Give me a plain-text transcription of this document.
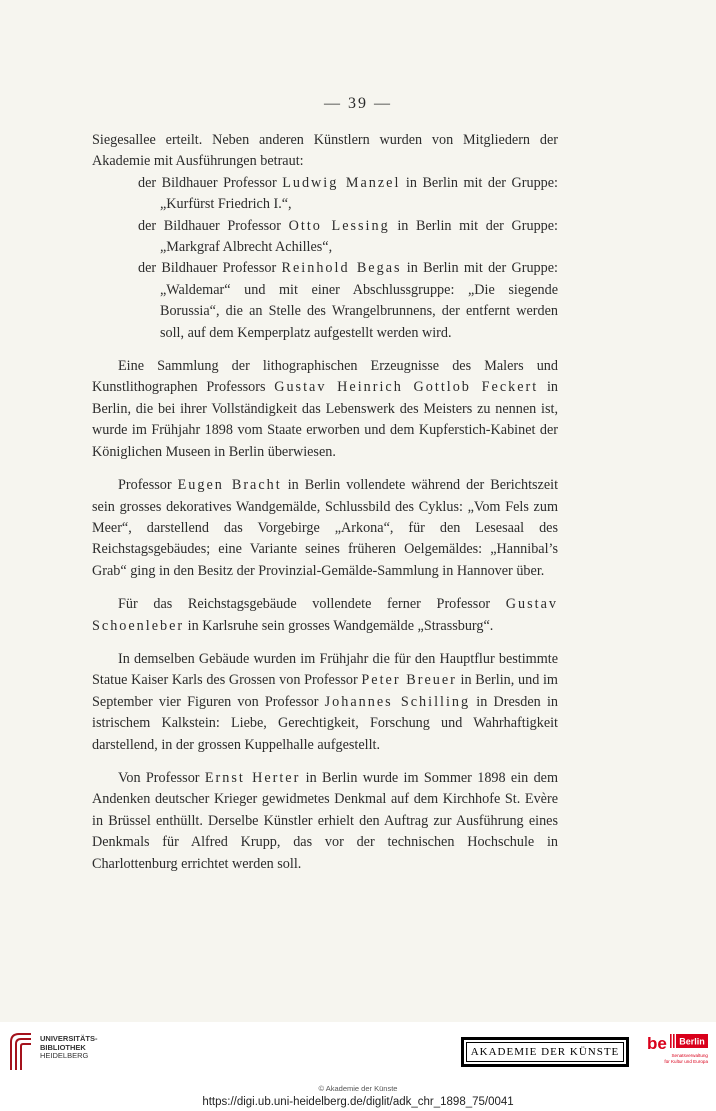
— 39 —

Siegesallee erteilt. Neben anderen Künstlern wurden von Mitgliedern der Akademie mit Ausführungen betraut:

der Bildhauer Professor Ludwig Manzel in Berlin mit der Gruppe: „Kurfürst Friedrich I.“,

der Bildhauer Professor Otto Lessing in Berlin mit der Gruppe: „Markgraf Albrecht Achilles“,

der Bildhauer Professor Reinhold Begas in Berlin mit der Gruppe: „Waldemar“ und mit einer Abschlussgruppe: „Die siegende Borussia“, die an Stelle des Wrangelbrunnens, der entfernt werden soll, auf dem Kemperplatz aufgestellt werden wird.

Eine Sammlung der lithographischen Erzeugnisse des Malers und Kunstlithographen Professors Gustav Heinrich Gottlob Feckert in Berlin, die bei ihrer Vollständigkeit das Lebenswerk des Meisters zu nennen ist, wurde im Frühjahr 1898 vom Staate erworben und dem Kupferstich-Kabinet der Königlichen Museen in Berlin überwiesen.

Professor Eugen Bracht in Berlin vollendete während der Berichtszeit sein grosses dekoratives Wandgemälde, Schlussbild des Cyklus: „Vom Fels zum Meer“, darstellend das Vorgebirge „Arkona“, für den Lesesaal des Reichstagsgebäudes; eine Variante seines früheren Oelgemäldes: „Hannibal’s Grab“ ging in den Besitz der Provinzial-Gemälde-Sammlung in Hannover über.

Für das Reichstagsgebäude vollendete ferner Professor Gustav Schoenleber in Karlsruhe sein grosses Wandgemälde „Strassburg“.

In demselben Gebäude wurden im Frühjahr die für den Hauptflur bestimmte Statue Kaiser Karls des Grossen von Professor Peter Breuer in Berlin, und im September vier Figuren von Professor Johannes Schilling in Dresden in istrischem Kalkstein: Liebe, Gerechtigkeit, Forschung und Wahrhaftigkeit darstellend, in der grossen Kuppelhalle aufgestellt.

Von Professor Ernst Herter in Berlin wurde im Sommer 1898 ein dem Andenken deutscher Krieger gewidmetes Denkmal auf dem Kirchhofe St. Evère in Brüssel enthüllt. Derselbe Künstler erhielt den Auftrag zur Ausführung eines Denkmals für Alfred Krupp, das vor der technischen Hochschule in Charlottenburg errichtet werden soll.

UNIVERSITÄTS-
BIBLIOTHEK
HEIDELBERG	AKADEMIE DER KÜNSTE be Berlin
Senatsverwaltung
für Kultur und Europa
© Akademie der Künste
https://digi.ub.uni-heidelberg.de/diglit/adk_chr_1898_75/0041
